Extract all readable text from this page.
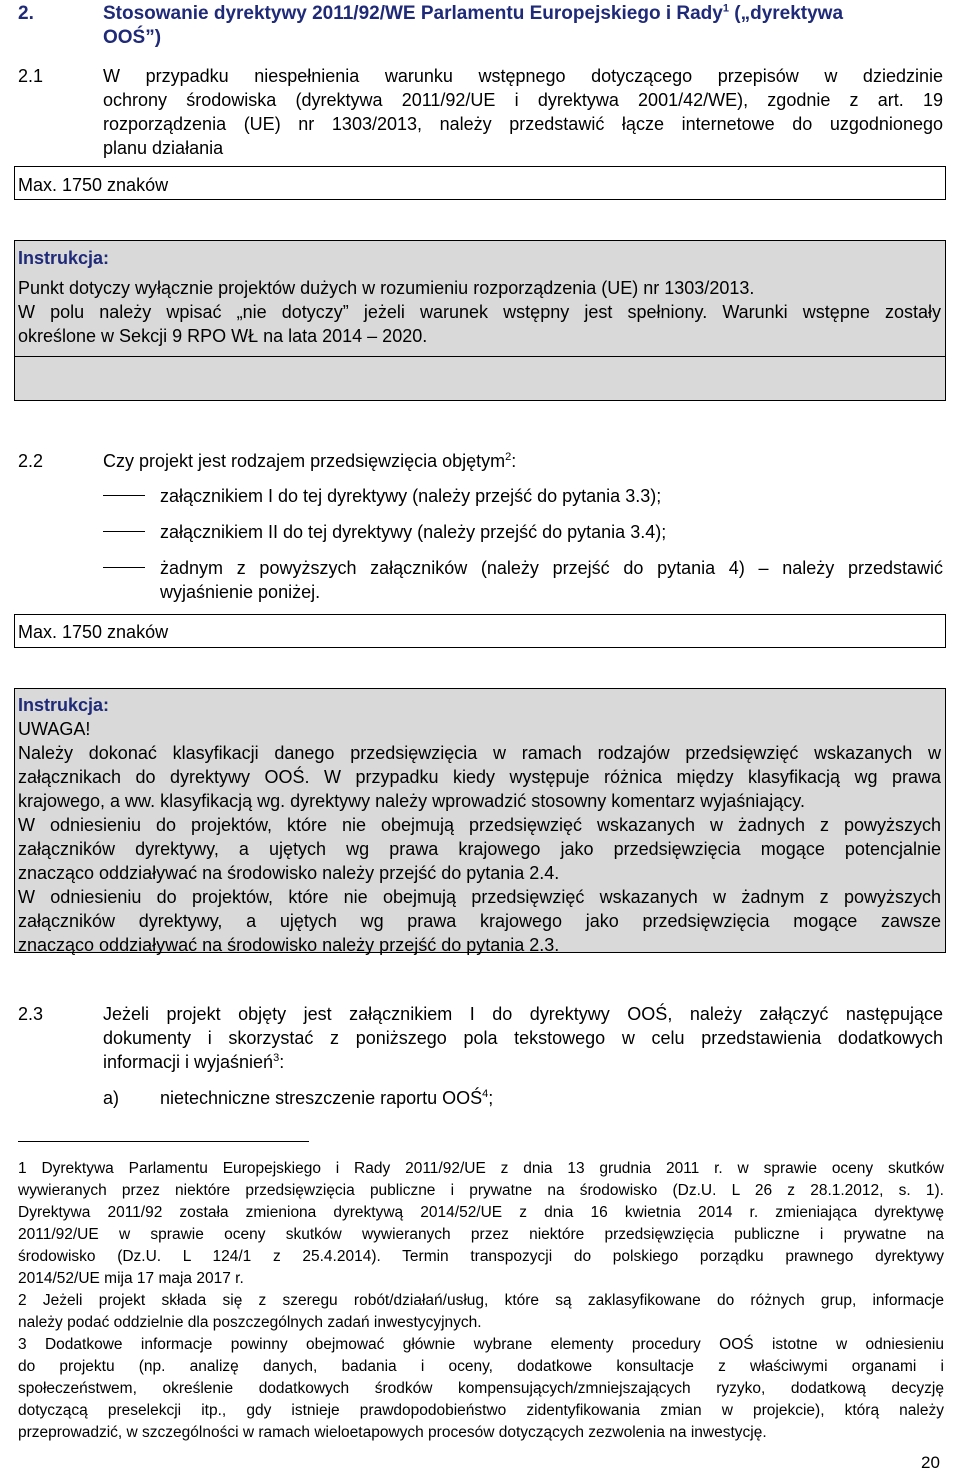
2.	Stosowanie dyrektywy 2011/92/WE Parlamentu Europejskiego i Rady$^1$ („dyrektywa
OOŚ”)
2.1	W przypadku niespełnienia warunku wstępnego dotyczącego przepisów w dziedzinie
ochrony środowiska (dyrektywa 2011/92/UE i dyrektywa 2001/42/WE), zgodnie z art. 19
rozporządzenia (UE) nr 1303/2013, należy przedstawić łącze internetowe do uzgodnionego
planu działania
Max. 1750 znaków
Instrukcja:
Punkt dotyczy wyłącznie projektów dużych w rozumieniu rozporządzenia (UE) nr 1303/2013.
W polu należy wpisać „nie dotyczy” jeżeli warunek wstępny jest spełniony. Warunki wstępne zostały
określone w Sekcji 9 RPO WŁ na lata 2014 – 2020.
2.2	Czy projekt jest rodzajem przedsięwzięcia objętym$^2$:
załącznikiem I do tej dyrektywy (należy przejść do pytania 3.3);
załącznikiem II do tej dyrektywy (należy przejść do pytania 3.4);
żadnym z powyższych załączników (należy przejść do pytania 4) – należy przedstawić
wyjaśnienie poniżej.
Max. 1750 znaków
Instrukcja:
UWAGA!
Należy dokonać klasyfikacji danego przedsięwzięcia w ramach rodzajów przedsięwzięć wskazanych w
załącznikach do dyrektywy OOŚ. W przypadku kiedy występuje różnica między klasyfikacją wg prawa
krajowego, a ww. klasyfikacją wg. dyrektywy należy wprowadzić stosowny komentarz wyjaśniający.
W odniesieniu do projektów, które nie obejmują przedsięwzięć wskazanych w żadnych z powyższych
załączników dyrektywy, a ujętych wg prawa krajowego jako przedsięwzięcia mogące potencjalnie
znacząco oddziaływać na środowisko należy przejść do pytania 2.4.
W odniesieniu do projektów, które nie obejmują przedsięwzięć wskazanych w żadnym z powyższych
załączników dyrektywy, a ujętych wg prawa krajowego jako przedsięwzięcia mogące zawsze
znacząco oddziaływać na środowisko należy przejść do pytania 2.3.
2.3	Jeżeli projekt objęty jest załącznikiem I do dyrektywy OOŚ, należy załączyć następujące
dokumenty i skorzystać z poniższego pola tekstowego w celu przedstawienia dodatkowych
informacji i wyjaśnień$^3$:
a) nietechniczne streszczenie raportu OOŚ$^4$;
1 Dyrektywa Parlamentu Europejskiego i Rady 2011/92/UE z dnia 13 grudnia 2011 r. w sprawie oceny skutków
wywieranych przez niektóre przedsięwzięcia publiczne i prywatne na środowisko (Dz.U. L 26 z 28.1.2012, s. 1).
Dyrektywa 2011/92 została zmieniona dyrektywą 2014/52/UE z dnia 16 kwietnia 2014 r. zmieniająca dyrektywę
2011/92/UE w sprawie oceny skutków wywieranych przez niektóre przedsięwzięcia publiczne i prywatne na
środowisko (Dz.U. L 124/1 z 25.4.2014). Termin transpozycji do polskiego porządku prawnego dyrektywy
2014/52/UE mija 17 maja 2017 r.
2 Jeżeli projekt składa się z szeregu robót/działań/usług, które są zaklasyfikowane do różnych grup, informacje
należy podać oddzielnie dla poszczególnych zadań inwestycyjnych.
3 Dodatkowe informacje powinny obejmować głównie wybrane elementy procedury OOŚ istotne w odniesieniu
do projektu (np. analizę danych, badania i oceny, dodatkowe konsultacje z właściwymi organami i
społeczeństwem, określenie dodatkowych środków kompensujących/zmniejszających ryzyko, dodatkową decyzję
dotyczącą preselekcji itp., gdy istnieje prawdopodobieństwo zidentyfikowania zmian w projekcie), którą należy
przeprowadzić, w szczególności w ramach wieloetapowych procesów dotyczących zezwolenia na inwestycję.
20
